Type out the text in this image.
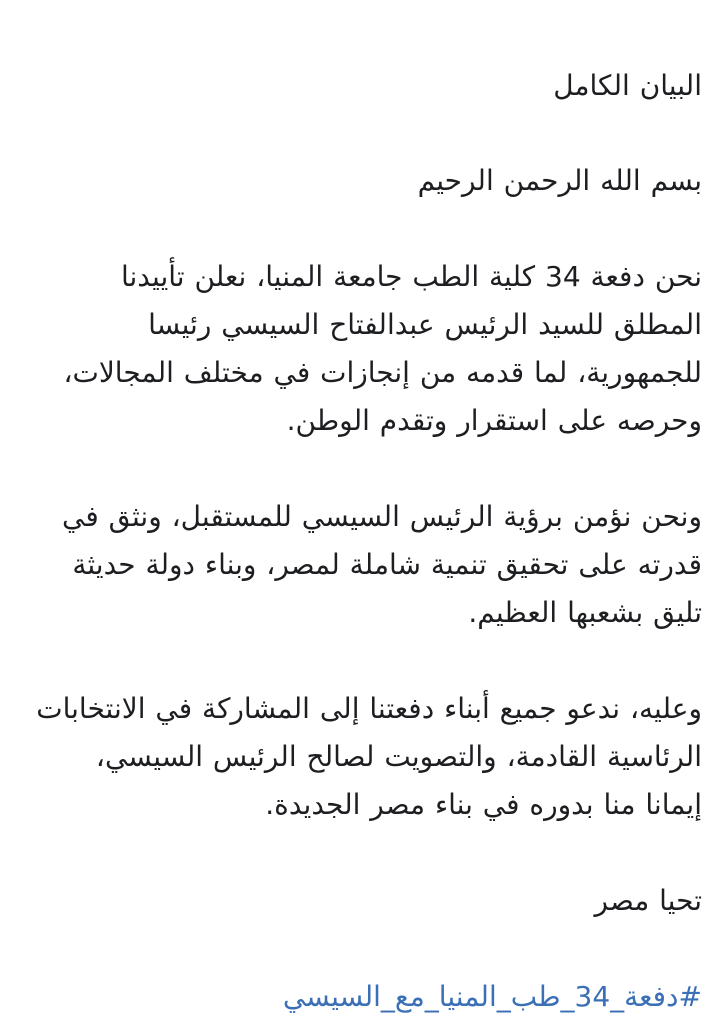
البيان الكامل

بسم الله الرحمن الرحيم

نحن دفعة 34 كلية الطب جامعة المنيا، نعلن تأييدنا المطلق للسيد الرئيس عبدالفتاح السيسي رئيسا للجمهورية، لما قدمه من إنجازات في مختلف المجالات، وحرصه على استقرار وتقدم الوطن.

ونحن نؤمن برؤية الرئيس السيسي للمستقبل، ونثق في قدرته على تحقيق تنمية شاملة لمصر، وبناء دولة حديثة تليق بشعبها العظيم.

وعليه، ندعو جميع أبناء دفعتنا إلى المشاركة في الانتخابات الرئاسية القادمة، والتصويت لصالح الرئيس السيسي، إيمانا منا بدوره في بناء مصر الجديدة.

تحيا مصر

#دفعة_34_طب_المنيا_مع_السيسي
